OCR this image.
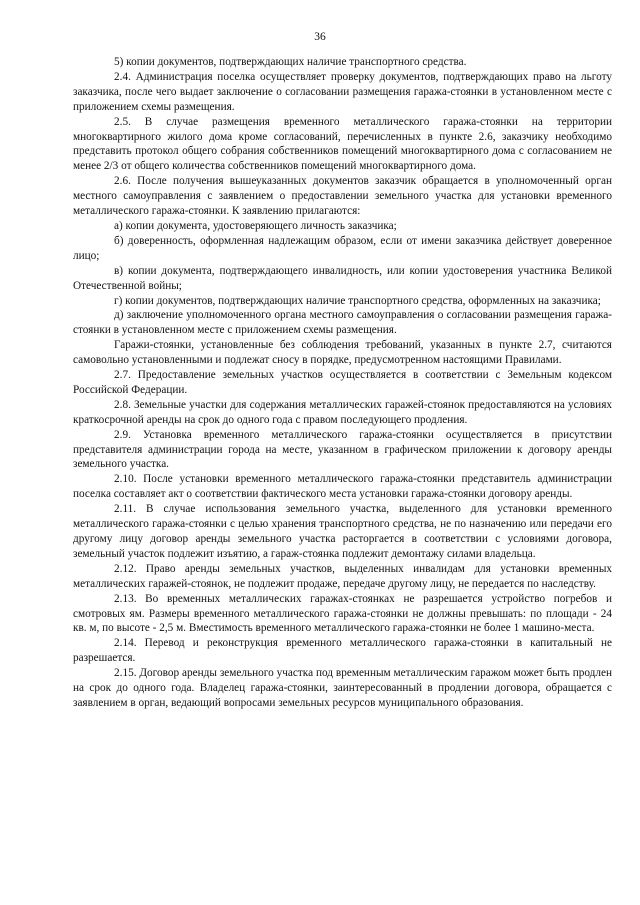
36

5) копии документов, подтверждающих наличие транспортного средства.

2.4. Администрация поселка осуществляет проверку документов, подтверждающих право на льготу заказчика, после чего выдает заключение о согласовании размещения гаража-стоянки в установленном месте с приложением схемы размещения.

2.5. В случае размещения временного металлического гаража-стоянки на территории многоквартирного жилого дома кроме согласований, перечисленных в пункте 2.6, заказчику необходимо представить протокол общего собрания собственников помещений многоквартирного дома с согласованием не менее 2/3 от общего количества собственников помещений многоквартирного дома.

2.6. После получения вышеуказанных документов заказчик обращается в уполномоченный орган местного самоуправления с заявлением о предоставлении земельного участка для установки временного металлического гаража-стоянки. К заявлению прилагаются:

а) копии документа, удостоверяющего личность заказчика;

б) доверенность, оформленная надлежащим образом, если от имени заказчика действует доверенное лицо;

в) копии документа, подтверждающего инвалидность, или копии удостоверения участника Великой Отечественной войны;

г) копии документов, подтверждающих наличие транспортного средства, оформленных на заказчика;

д) заключение уполномоченного органа местного самоуправления о согласовании размещения гаража-стоянки в установленном месте с приложением схемы размещения.

Гаражи-стоянки, установленные без соблюдения требований, указанных в пункте 2.7, считаются самовольно установленными и подлежат сносу в порядке, предусмотренном настоящими Правилами.

2.7. Предоставление земельных участков осуществляется в соответствии с Земельным кодексом Российской Федерации.

2.8. Земельные участки для содержания металлических гаражей-стоянок предоставляются на условиях краткосрочной аренды на срок до одного года с правом последующего продления.

2.9. Установка временного металлического гаража-стоянки осуществляется в присутствии представителя администрации города на месте, указанном в графическом приложении к договору аренды земельного участка.

2.10. После установки временного металлического гаража-стоянки представитель администрации поселка составляет акт о соответствии фактического места установки гаража-стоянки договору аренды.

2.11. В случае использования земельного участка, выделенного для установки временного металлического гаража-стоянки с целью хранения транспортного средства, не по назначению или передачи его другому лицу договор аренды земельного участка расторгается в соответствии с условиями договора, земельный участок подлежит изъятию, а гараж-стоянка подлежит демонтажу силами владельца.

2.12. Право аренды земельных участков, выделенных инвалидам для установки временных металлических гаражей-стоянок, не подлежит продаже, передаче другому лицу, не передается по наследству.

2.13. Во временных металлических гаражах-стоянках не разрешается устройство погребов и смотровых ям. Размеры временного металлического гаража-стоянки не должны превышать: по площади - 24 кв. м, по высоте - 2,5 м. Вместимость временного металлического гаража-стоянки не более 1 машино-места.

2.14. Перевод и реконструкция временного металлического гаража-стоянки в капитальный не разрешается.

2.15. Договор аренды земельного участка под временным металлическим гаражом может быть продлен на срок до одного года. Владелец гаража-стоянки, заинтересованный в продлении договора, обращается с заявлением в орган, ведающий вопросами земельных ресурсов муниципального образования.
